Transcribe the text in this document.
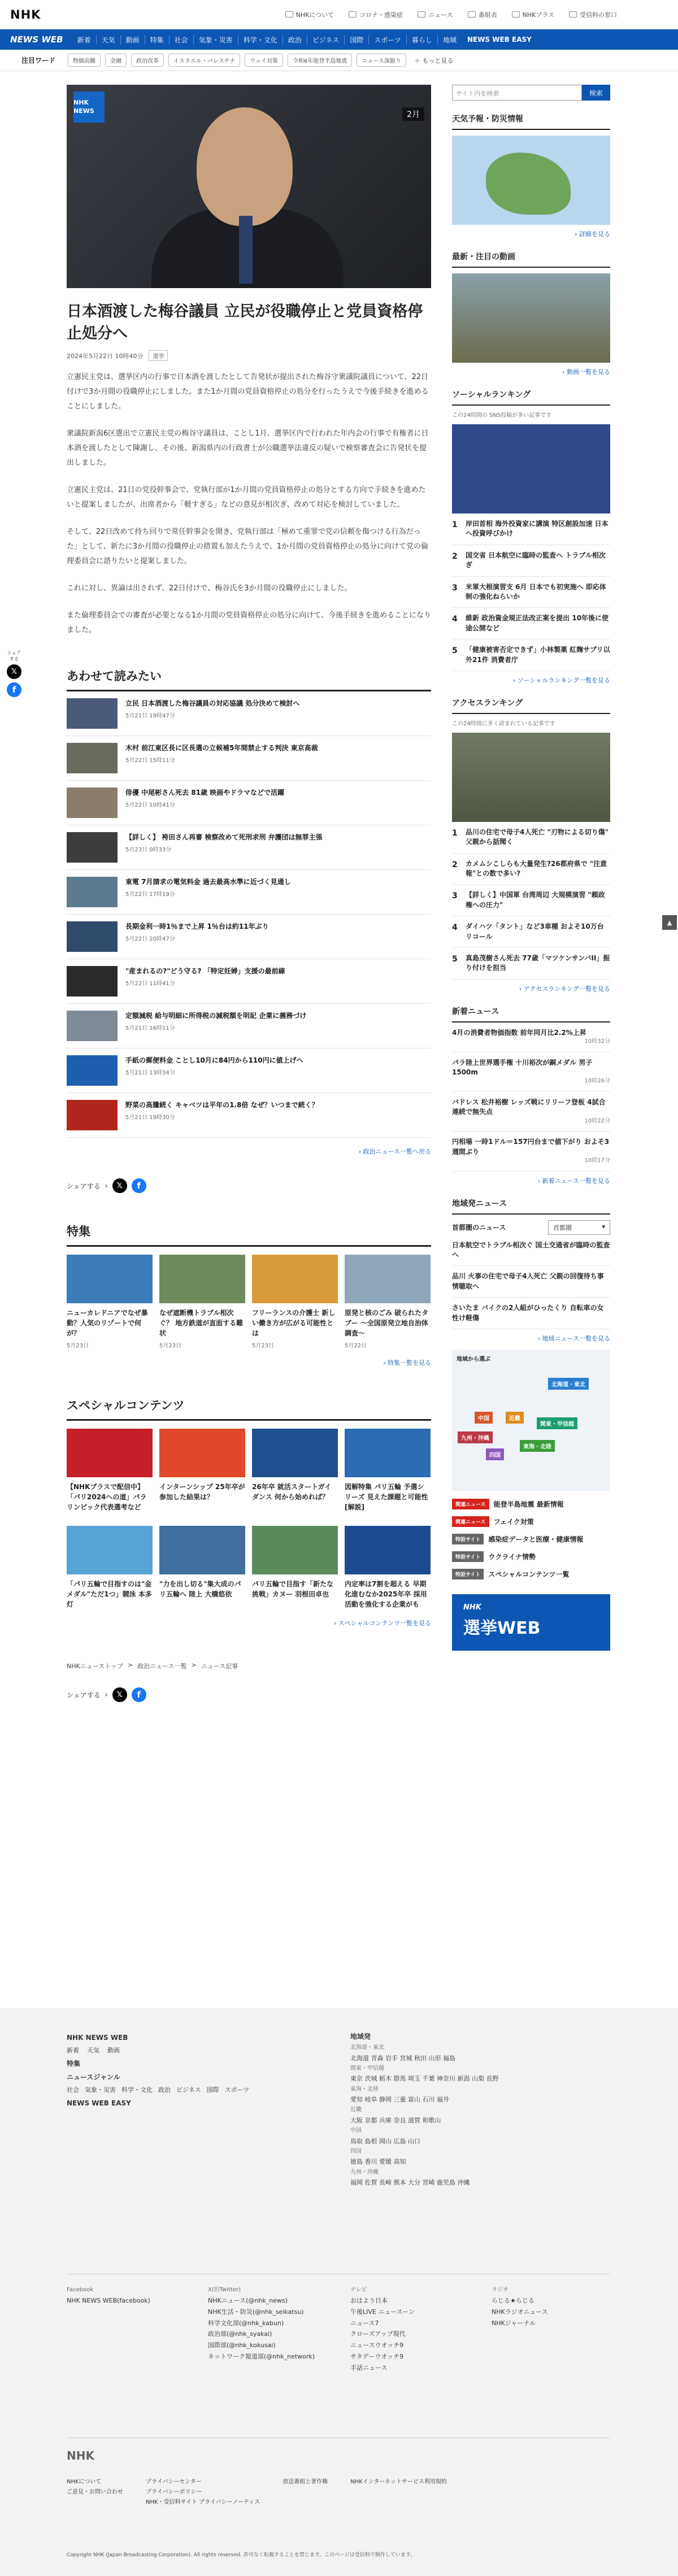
NHK	NHKについて	コロナ・感染症	ニュース	番組表	NHKプラス	受信料の窓口
NEWS WEB	新着	天気	動画	特集	社会	気象・災害	科学・文化	政治	ビジネス	国際	スポーツ	暮らし	地域	NEWS WEB EASY
注目ワード	物価高騰	金融	政治改革	イスラエル・パレスチナ	ウェイ対策	令和6年能登半島地震	ニュース深掘り	＋ もっと見る
シェアする
𝕏
f
▲
NHK NEWS	2月
日本酒渡した梅谷議員 立民が役職停止と党員資格停止処分へ
2024年5月22日 10時40分	選挙

立憲民主党は、選挙区内の行事で日本酒を渡したとして告発状が提出された梅谷守衆議院議員について、22日付けで3か月間の役職停止にしました。また1か月間の党員資格停止の処分を行ったうえで今後手続きを進めることにしました。

衆議院新潟6区選出で立憲民主党の梅谷守議員は、ことし1月、選挙区内で行われた年内会の行事で有権者に日本酒を渡したとして陳謝し、その後、新潟県内の行政書士が公職選挙法違反の疑いで検察審査会に告発状を提出しました。

立憲民主党は、21日の党役幹事会で、党執行部が1か月間の党員資格停止の処分とする方向で手続きを進めたいと提案しましたが、出席者から「軽すぎる」などの意見が相次ぎ、改めて対応を検討していました。

そして、22日改めて持ち回りで常任幹事会を開き、党執行部は「極めて重罪で党の信頼を傷つける行為だった」として、新たに3か月間の役職停止の措置も加えたうえで、1か月間の党員資格停止の処分に向けて党の倫理委員会に諮りたいと提案しました。

これに対し、異論は出されず、22日付けで、梅谷氏を3か月間の役職停止にしました。

また倫理委員会での審査が必要となる1か月間の党員資格停止の処分に向けて、今後手続きを進めることになりました。

あわせて読みたい
立民 日本酒渡した梅谷議員の対応協議 処分決めて検討へ
5月21日 19時47分
木村 前江東区長に区長選の立候補5年間禁止する判決 東京高裁
5月22日 15時11分
俳優 中尾彬さん死去 81歳 映画やドラマなどで活躍
5月22日 10時41分
【詳しく】 袴田さん再審 検察改めて死刑求刑 弁護団は無罪主張
5月23日 0時33分
東電 7月請求の電気料金 過去最高水準に近づく見通し
5月22日 17時19分
長期金利一時1％まで上昇 1％台は約11年ぶり
5月22日 20時47分
"産まれるの?"どう守る? 「特定妊婦」支援の最前線
5月22日 11時41分
定額減税 給与明細に所得税の減税額を明記 企業に義務づけ
5月21日 16時11分
手紙の郵便料金 ことし10月に84円から110円に値上げへ
5月21日 13時34分
野菜の高騰続く キャベツは平年の1.8倍 なぜ？いつまで続く？
5月21日 19時30分
› 政治ニュース一覧へ戻る
シェアする ›	𝕏	f
特集
ニューカレドニアでなぜ暴動？人気のリゾートで何が？
5月23日
なぜ遮断機トラブル相次ぐ？ 地方鉄道が直面する難状
5月23日
フリーランスの介護士 新しい働き方が広がる可能性とは
5月23日
原発と核のごみ 破られたタブー ～全国原発立地自治体調査～
5月22日
› 特集一覧を見る
スペシャルコンテンツ
【NHKプラスで配信中】「パリ2024への道」パラリンピック代表選考など
インターンシップ 25年卒が参加した結果は？
26年卒 就活スタートガイダンス 何から始めれば？
図解特集 パリ五輪 予選シリーズ 見えた課題と可能性 [解説]
「パリ五輪で目指すのは"金メダル"ただ1つ」競泳 本多灯
"力を出し切る"集大成のパリ五輪へ 陸上 大橋悠依
パリ五輪で目指す「新たな挑戦」カヌー 羽根田卓也
内定率は7割を超える 早期化進むなか2025年卒 採用活動を強化する企業がも
› スペシャルコンテンツ一覧を見る
NHKニューストップ > 政治ニュース一覧 > ニュース記事
シェアする ›	𝕏	f
サイト内を検索	検索
天気予報・防災情報
› 詳細を見る
最新・注目の動画
› 動画一覧を見る
ソーシャルランキング
この24時間の SNS投稿が多い記事です
1	岸田首相 海外投資家に講演 特区創設加速 日本へ投資呼びかけ
2	国交省 日本航空に臨時の監査へ トラブル相次ぎ
3	米軍大根演習支 6月 日本でも初実施へ 即応体制の強化ねらいか
4	維新 政治資金規正法改正案を提出 10年後に使途公開など
5	「健康被害否定できず」小林製薬 紅麹サプリ以外21件 消費者庁
› ソーシャルランキング一覧を見る
アクセスランキング
この24時間に多く読まれている記事です
1	品川の住宅で母子4人死亡 "刃物による切り傷" 父親から話聞く
2	カメムシこしらも大量発生?26都府県で "注意報"との数で多い?
3	【詳しく】中国軍 台湾周辺 大規模演習 "頼政権への圧力"
4	ダイハツ「タント」など3車種 およそ10万台リコール
5	真島茂樹さん死去 77歳「マツケンサンバII」振り付けを担当
› アクセスランキング一覧を見る
新着ニュース
4月の消費者物価指数 前年同月比2.2%上昇
10時32分
パラ陸上世界選手権 十川裕次が銅メダル 男子1500m
10時26分
バドレス 松井裕樹 レッズ戦にリリーフ登板 4試合連続で無失点
10時22分
円相場 一時1ドル＝157円台まで値下がり およそ3週間ぶり
10時17分
› 新着ニュース一覧を見る
地域発ニュース
首都圏のニュース	首都圏	▾
日本航空でトラブル相次ぐ 国土交通省が臨時の監査へ
品川 火事の住宅で母子4人死亡 父親の回復待ち事情聴取へ
さいたま バイクの2人組がひったくり 自転車の女性け軽傷
› 地域ニュース一覧を見る
地域から選ぶ
北海道・東北
関東・甲信越
中国	近畿
東海・北陸
九州・沖縄
四国
関連ニュース	能登半島地震 最新情報
関連ニュース	フェイク対策
特設サイト	感染症データと医療・健康情報
特設サイト	ウクライナ情勢
特設サイト	スペシャルコンテンツ一覧
NHK
選挙WEB
NHK NEWS WEB
新着 天気 動画
特集
ニュースジャンル
社会 気象・災害 科学・文化 政治 ビジネス 国際 スポーツ
NEWS WEB EASY
地域発
北海道・東北
北海道 青森 岩手 宮城 秋田 山形 福島
関東・甲信越
東京 茨城 栃木 群馬 埼玉 千葉 神奈川 新潟 山梨 長野
東海・北陸
愛知 岐阜 静岡 三重 富山 石川 福井
近畿
大阪 京都 兵庫 奈良 滋賀 和歌山
中国
鳥取 島根 岡山 広島 山口
四国
徳島 香川 愛媛 高知
九州・沖縄
福岡 佐賀 長崎 熊本 大分 宮崎 鹿児島 沖縄
Facebook
NHK NEWS WEB(facebook)
X(旧Twitter)
NHKニュース(@nhk_news)
NHK生活・防災(@nhk_seikatsu)
科学文化部(@nhk_kabun)
政治部(@nhk_syakai)
国際部(@nhk_kokusai)
ネットワーク報道部(@nhk_network)
テレビ
おはよう日本
午後LIVE ニュースーン
ニュース7
クローズアップ現代
ニュースウオッチ9
サタデーウオッチ9
手話ニュース
ラジオ
らじる★らじる
NHKラジオニュース
NHKジャーナル
NHK
NHKについて
ご意見・お問い合わせ
プライバシーセンター
プライバシーポリシー
NHK・受信料サイト プライバシーノーティス
放送番組と著作権	NHKインターネットサービス利用規約
Copyright NHK (Japan Broadcasting Corporation). All rights reserved. 許可なく転載することを禁じます。このページは受信料で制作しています。
